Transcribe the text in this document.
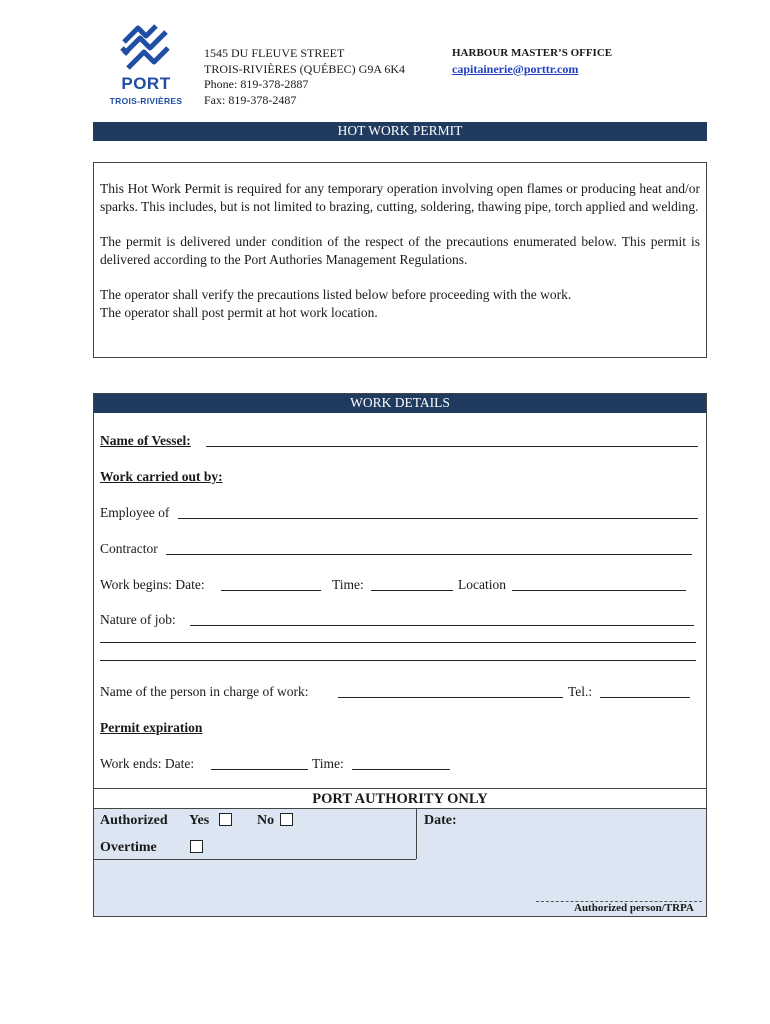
PORT
TROIS-RIVIÈRES
1545 DU FLEUVE STREET
TROIS-RIVIÈRES (QUÉBEC) G9A 6K4
Phone: 819-378-2887
Fax: 819-378-2487
HARBOUR MASTER’S OFFICE
capitainerie@porttr.com
HOT WORK PERMIT

This Hot Work Permit is required for any temporary operation involving open flames or producing heat and/or sparks. This includes, but is not limited to brazing, cutting, soldering, thawing pipe, torch applied and welding.

The permit is delivered under condition of the respect of the precautions enumerated below. This permit is delivered according to the Port Authories Management Regulations.

The operator shall verify the precautions listed below before proceeding with the work.
The operator shall post permit at hot work location.

WORK DETAILS
Name of Vessel:
Work carried out by:
Employee of
Contractor
Work begins: Date:	Time:	Location
Nature of job:
Name of the person in charge of work:	Tel.:
Permit expiration
Work ends: Date:	Time:
PORT AUTHORITY ONLY
Authorized Yes	No
Overtime
Date:
Authorized person/TRPA
